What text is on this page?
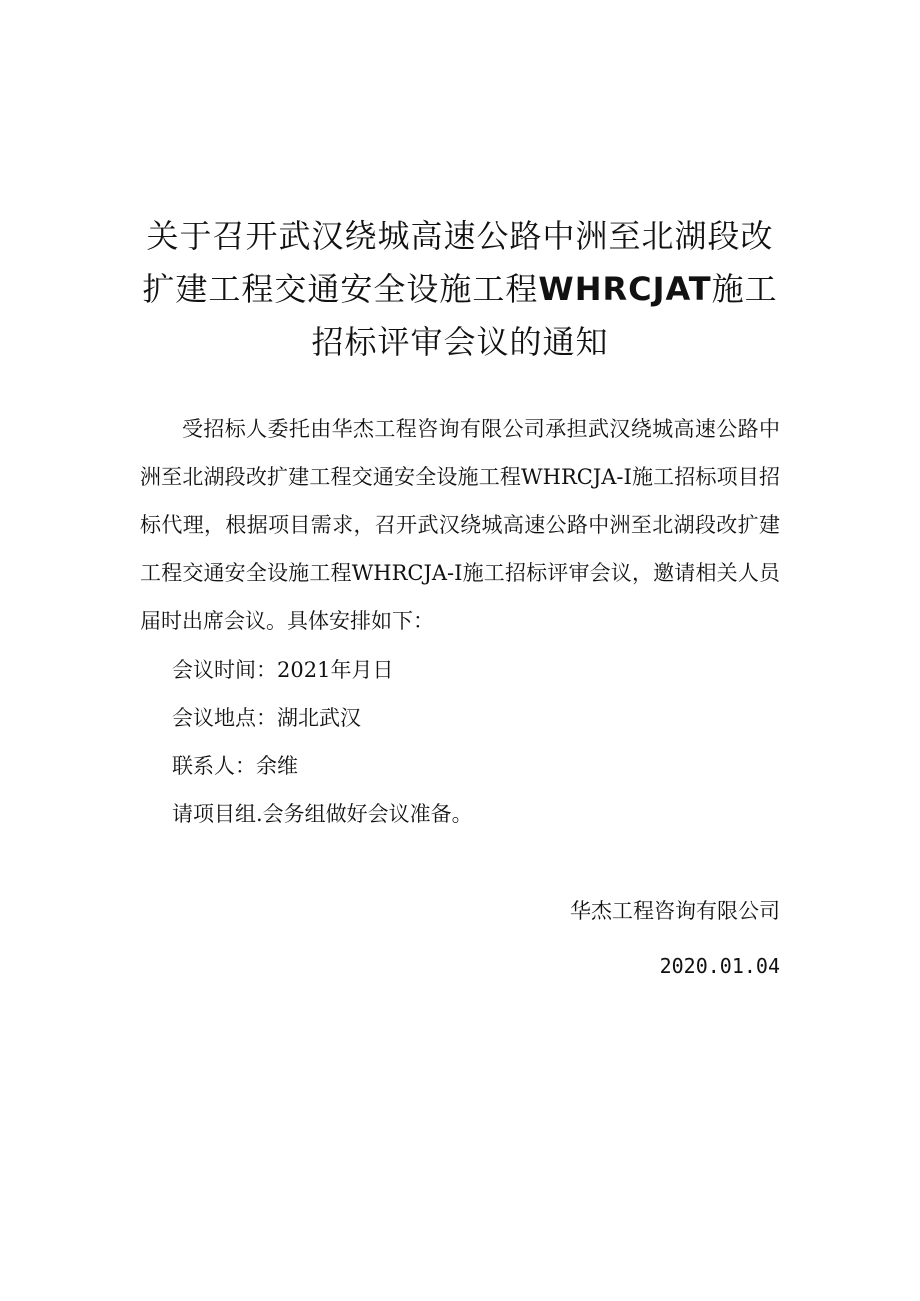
关于召开武汉绕城高速公路中洲至北湖段改扩建工程交通安全设施工程WHRCJAT施工招标评审会议的通知

受招标人委托由华杰工程咨询有限公司承担武汉绕城高速公路中洲至北湖段改扩建工程交通安全设施工程WHRCJA-I施工招标项目招标代理，根据项目需求，召开武汉绕城高速公路中洲至北湖段改扩建工程交通安全设施工程WHRCJA-I施工招标评审会议，邀请相关人员届时出席会议。具体安排如下：

会议时间：2021年月日

会议地点：湖北武汉

联系人：余维

请项目组.会务组做好会议准备。

华杰工程咨询有限公司

2020.01.04
